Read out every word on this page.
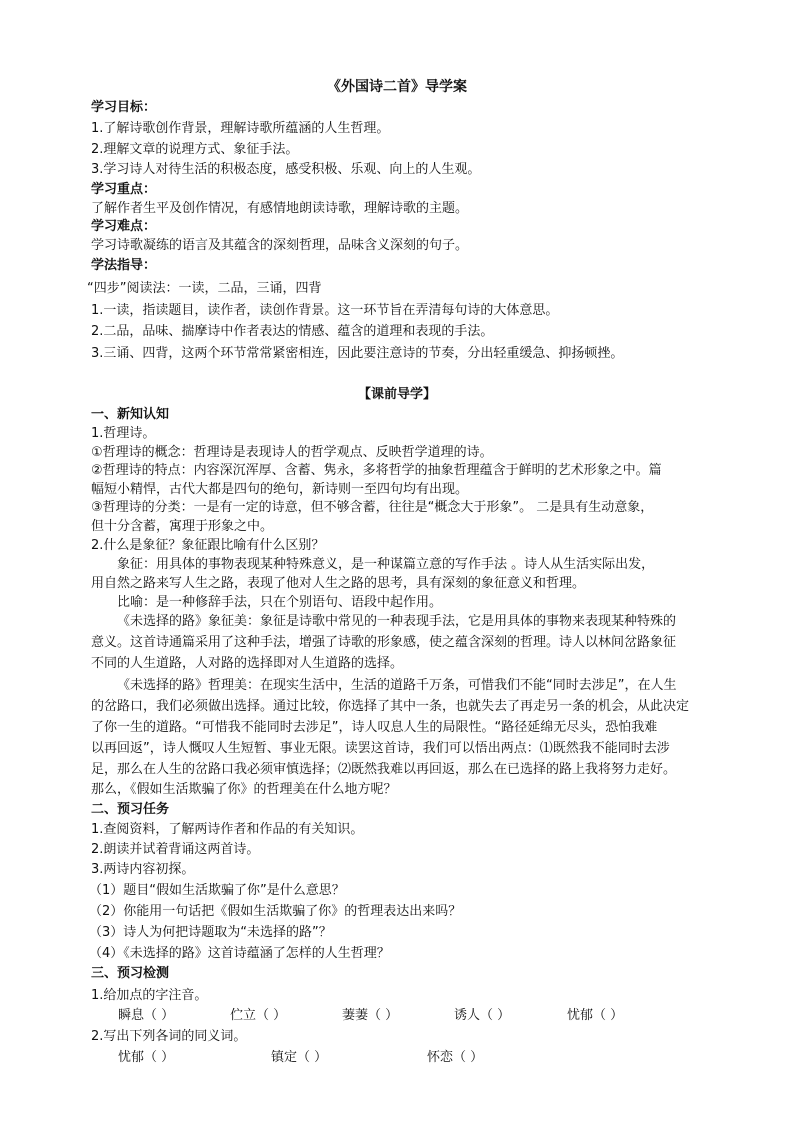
《外国诗二首》导学案
学习目标：
1.了解诗歌创作背景，理解诗歌所蕴涵的人生哲理。
2.理解文章的说理方式、象征手法。
3.学习诗人对待生活的积极态度，感受积极、乐观、向上的人生观。
学习重点：
了解作者生平及创作情况，有感情地朗读诗歌，理解诗歌的主题。
学习难点：
学习诗歌凝练的语言及其蕴含的深刻哲理，品味含义深刻的句子。
学法指导：
“四步”阅读法：一读，二品，三诵，四背
1.一读，指读题目，读作者，读创作背景。这一环节旨在弄清每句诗的大体意思。
2.二品，品味、揣摩诗中作者表达的情感、蕴含的道理和表现的手法。
3.三诵、四背，这两个环节常常紧密相连，因此要注意诗的节奏，分出轻重缓急、抑扬顿挫。
【课前导学】
一、新知认知
1.哲理诗。
①哲理诗的概念：哲理诗是表现诗人的哲学观点、反映哲学道理的诗。
②哲理诗的特点：内容深沉浑厚、含蓄、隽永，多将哲学的抽象哲理蕴含于鲜明的艺术形象之中。篇
幅短小精悍，古代大都是四句的绝句，新诗则一至四句均有出现。
③哲理诗的分类：一是有一定的诗意，但不够含蓄，往往是“概念大于形象”。 二是具有生动意象，
但十分含蓄，寓理于形象之中。
2.什么是象征？象征跟比喻有什么区别？
象征：用具体的事物表现某种特殊意义，是一种谋篇立意的写作手法 。诗人从生活实际出发，
用自然之路来写人生之路，表现了他对人生之路的思考，具有深刻的象征意义和哲理。
比喻：是一种修辞手法，只在个别语句、语段中起作用。
《未选择的路》象征美：象征是诗歌中常见的一种表现手法，它是用具体的事物来表现某种特殊的
意义。这首诗通篇采用了这种手法，增强了诗歌的形象感，使之蕴含深刻的哲理。诗人以林间岔路象征
不同的人生道路，人对路的选择即对人生道路的选择。
《未选择的路》哲理美：在现实生活中，生活的道路千万条，可惜我们不能“同时去涉足”，在人生
的岔路口，我们必须做出选择。通过比较，你选择了其中一条，也就失去了再走另一条的机会，从此决定
了你一生的道路。“可惜我不能同时去涉足”，诗人叹息人生的局限性。“路径延绵无尽头，恐怕我难
以再回返”，诗人慨叹人生短暂、事业无限。读罢这首诗，我们可以悟出两点：⑴既然我不能同时去涉
足，那么在人生的岔路口我必须审慎选择；⑵既然我难以再回返，那么在已选择的路上我将努力走好。
那么，《假如生活欺骗了你》的哲理美在什么地方呢？
二、预习任务
1.查阅资料，了解两诗作者和作品的有关知识。
2.朗读并试着背诵这两首诗。
3.两诗内容初探。
（1）题目“假如生活欺骗了你”是什么意思？
（2）你能用一句话把《假如生活欺骗了你》的哲理表达出来吗？
（3）诗人为何把诗题取为“未选择的路”？
（4）《未选择的路》这首诗蕴涵了怎样的人生哲理？
三、预习检测
1.给加点的字注音。
瞬息（ ）	伫立（ ）	萋萋（ ）	诱人（ ）	忧郁（ ）
2.写出下列各词的同义词。
忧郁（ ）	镇定（ ）	怀恋（ ）
